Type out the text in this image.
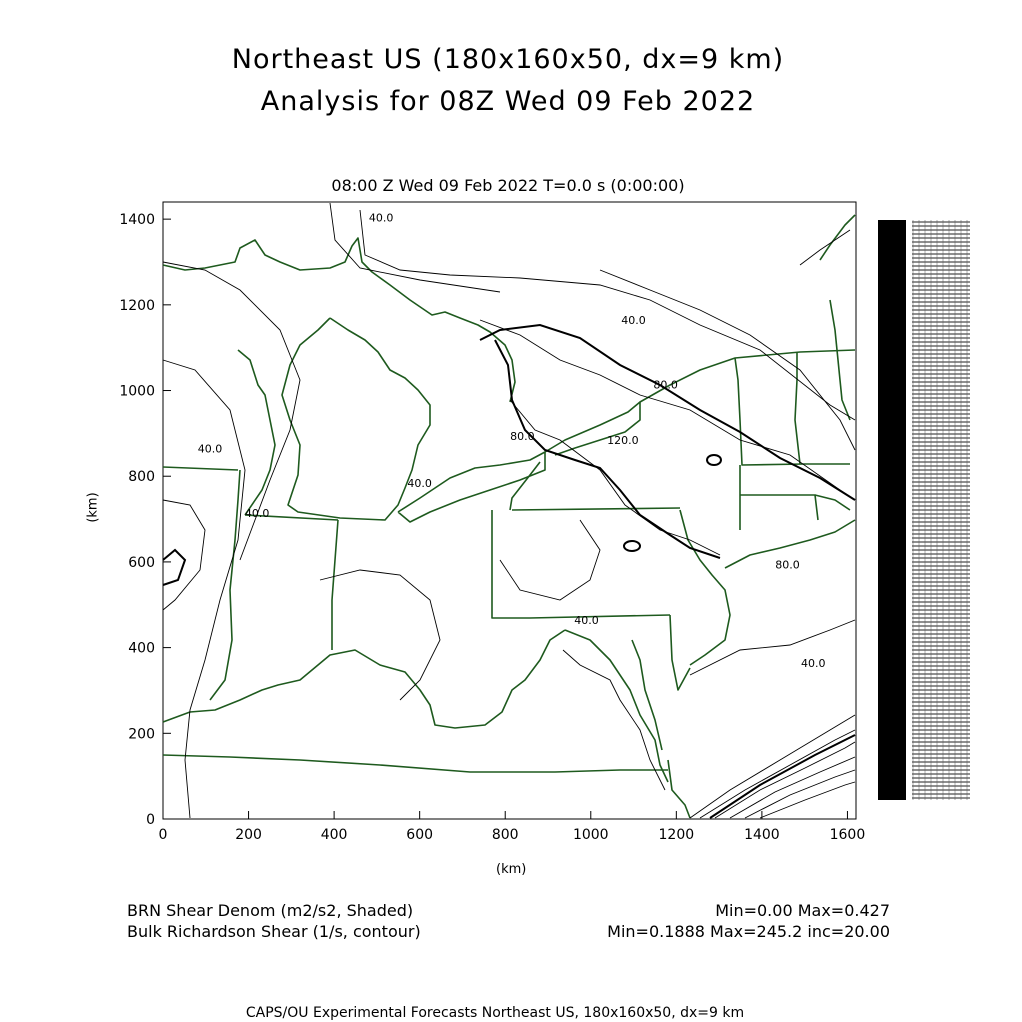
Northeast US (180x160x50, dx=9 km)
Analysis for 08Z Wed 09 Feb 2022
08:00 Z Wed 09 Feb 2022 T=0.0 s (0:00:00)
0	200	400	600	800	1000	1200	1400	1600
0
200
400
600
800
1000
1200
1400	40.0
40.0
80.0
80.0	120.0
40.0
40.0
40.0
80.0
40.0
40.0
(km)
(km)
BRN Shear Denom (m2/s2, Shaded)
Bulk Richardson Shear (1/s, contour)
Min=0.00 Max=0.427
Min=0.1888 Max=245.2 inc=20.00
CAPS/OU Experimental Forecasts Northeast US, 180x160x50, dx=9 km
